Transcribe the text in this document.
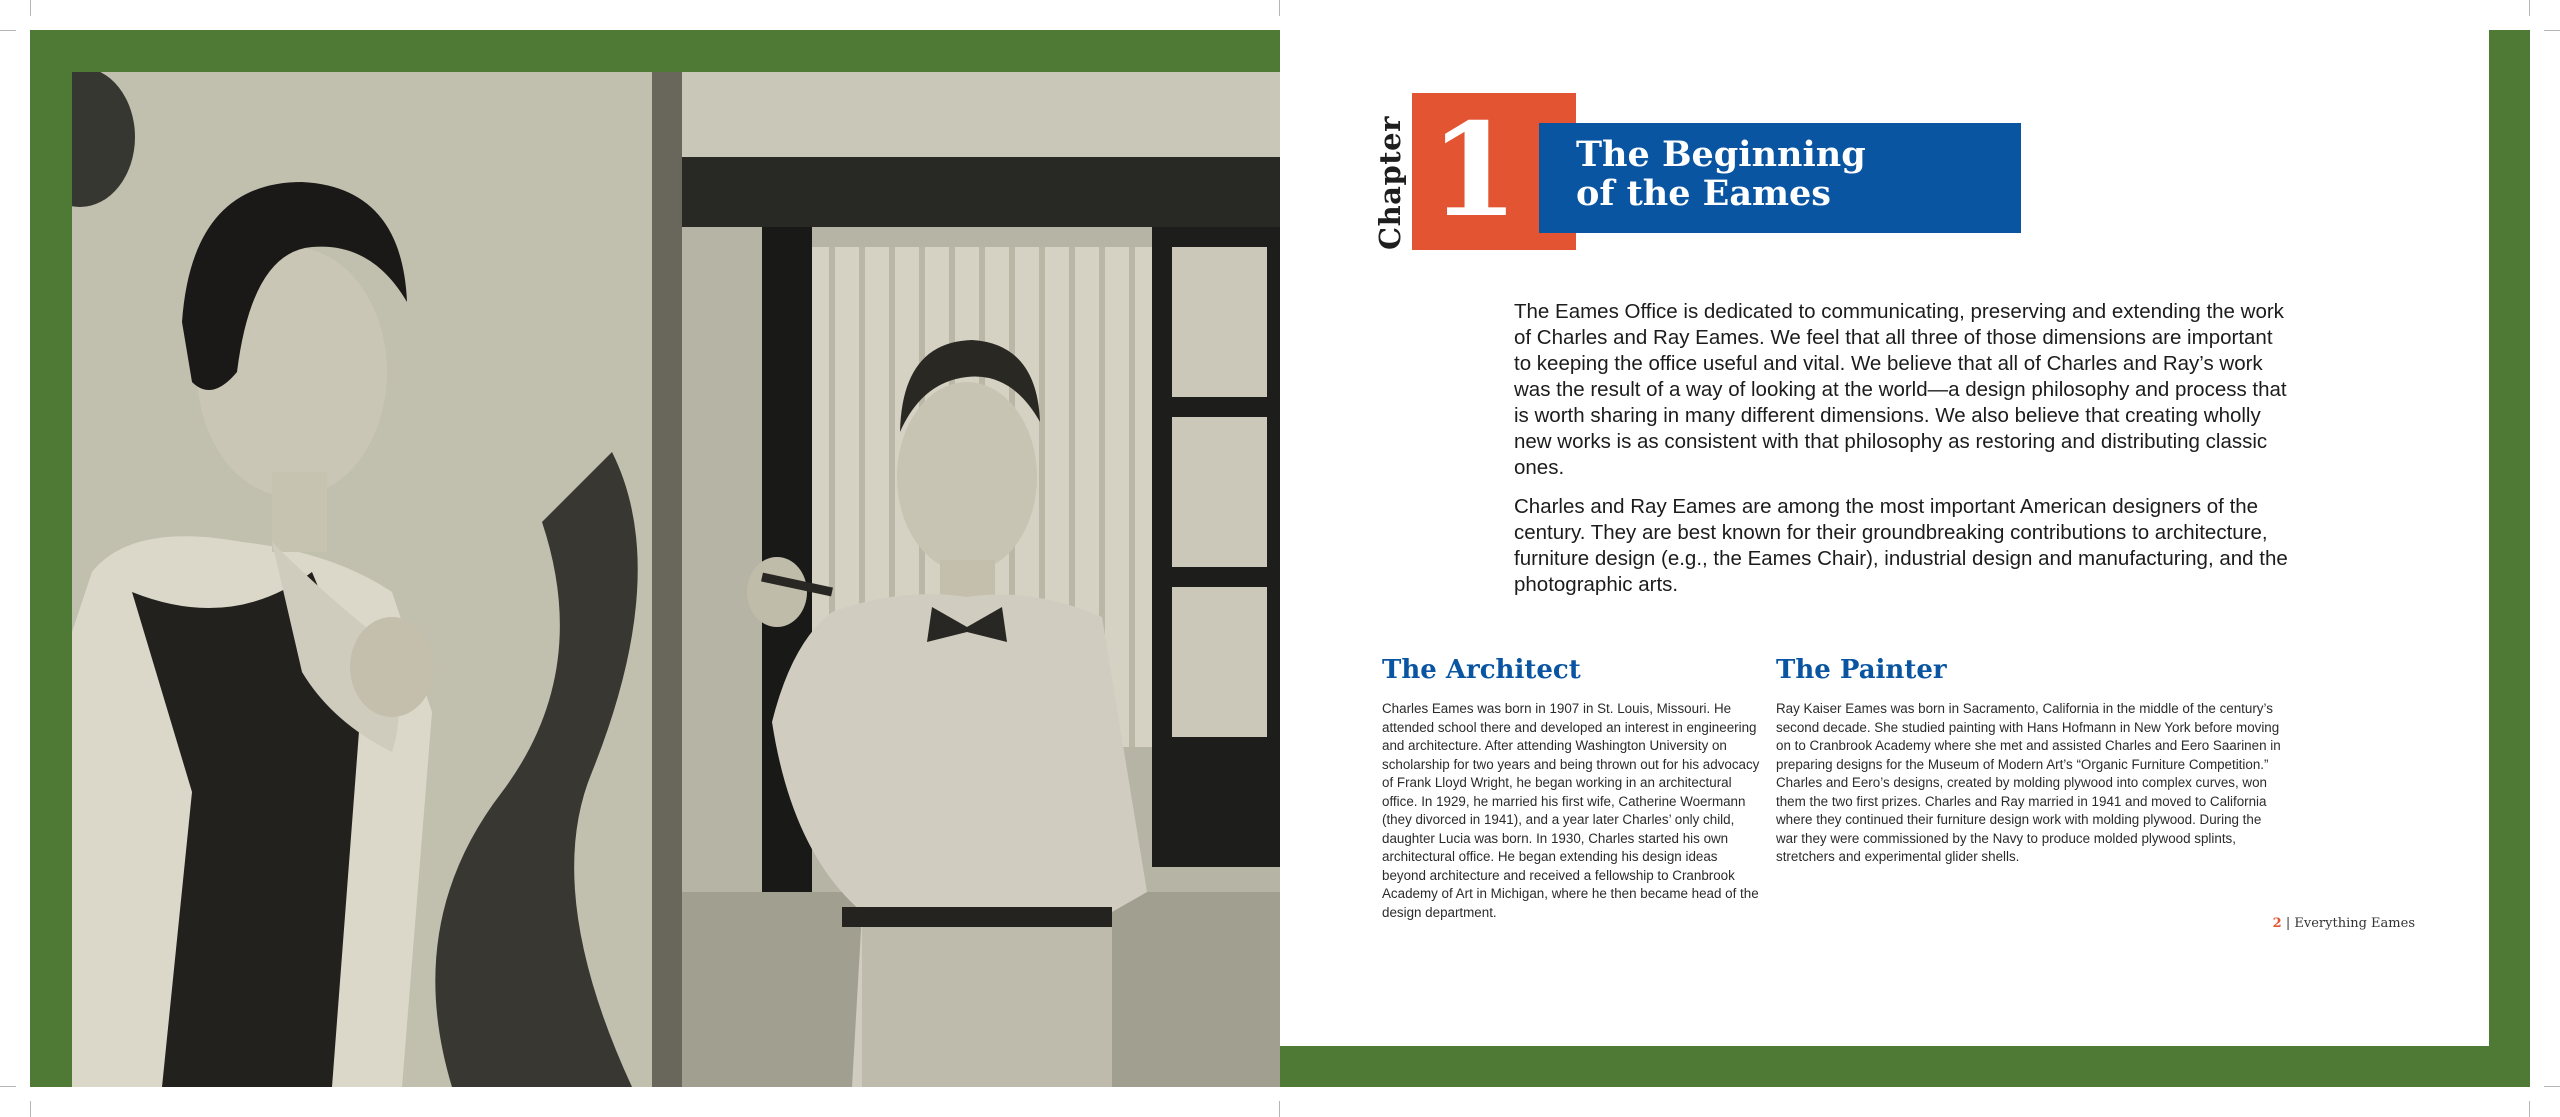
Chapter 1	The Beginning
of the Eames

The Eames Office is dedicated to communicating, preserving and extending the work of Charles and Ray Eames. We feel that all three of those dimensions are important to keeping the office useful and vital. We believe that all of Charles and Ray’s work was the result of a way of looking at the world—a design philosophy and process that is worth sharing in many different dimensions. We also believe that creating wholly new works is as consistent with that philosophy as restoring and distributing classic ones.

Charles and Ray Eames are among the most important American designers of the century. They are best known for their groundbreaking contributions to architecture, furniture design (e.g., the Eames Chair), industrial design and manufacturing, and the photographic arts.

The Architect
Charles Eames was born in 1907 in St. Louis, Missouri. He attended school there and developed an interest in engineering and architecture. After attending Washington University on scholarship for two years and being thrown out for his advocacy of Frank Lloyd Wright, he began working in an architectural office. In 1929, he married his first wife, Catherine Woermann (they divorced in 1941), and a year later Charles’ only child, daughter Lucia was born. In 1930, Charles started his own architectural office. He began extending his design ideas beyond architecture and received a fellowship to Cranbrook Academy of Art in Michigan, where he then became head of the design department.
The Painter
Ray Kaiser Eames was born in Sacramento, California in the middle of the century’s second decade. She studied painting with Hans Hofmann in New York before moving on to Cranbrook Academy where she met and assisted Charles and Eero Saarinen in preparing designs for the Museum of Modern Art’s “Organic Furniture Competition.” Charles and Eero’s designs, created by molding plywood into complex curves, won them the two first prizes. Charles and Ray married in 1941 and moved to California where they continued their furniture design work with molding plywood. During the war they were commissioned by the Navy to produce molded plywood splints, stretchers and experimental glider shells.
2 | Everything Eames
